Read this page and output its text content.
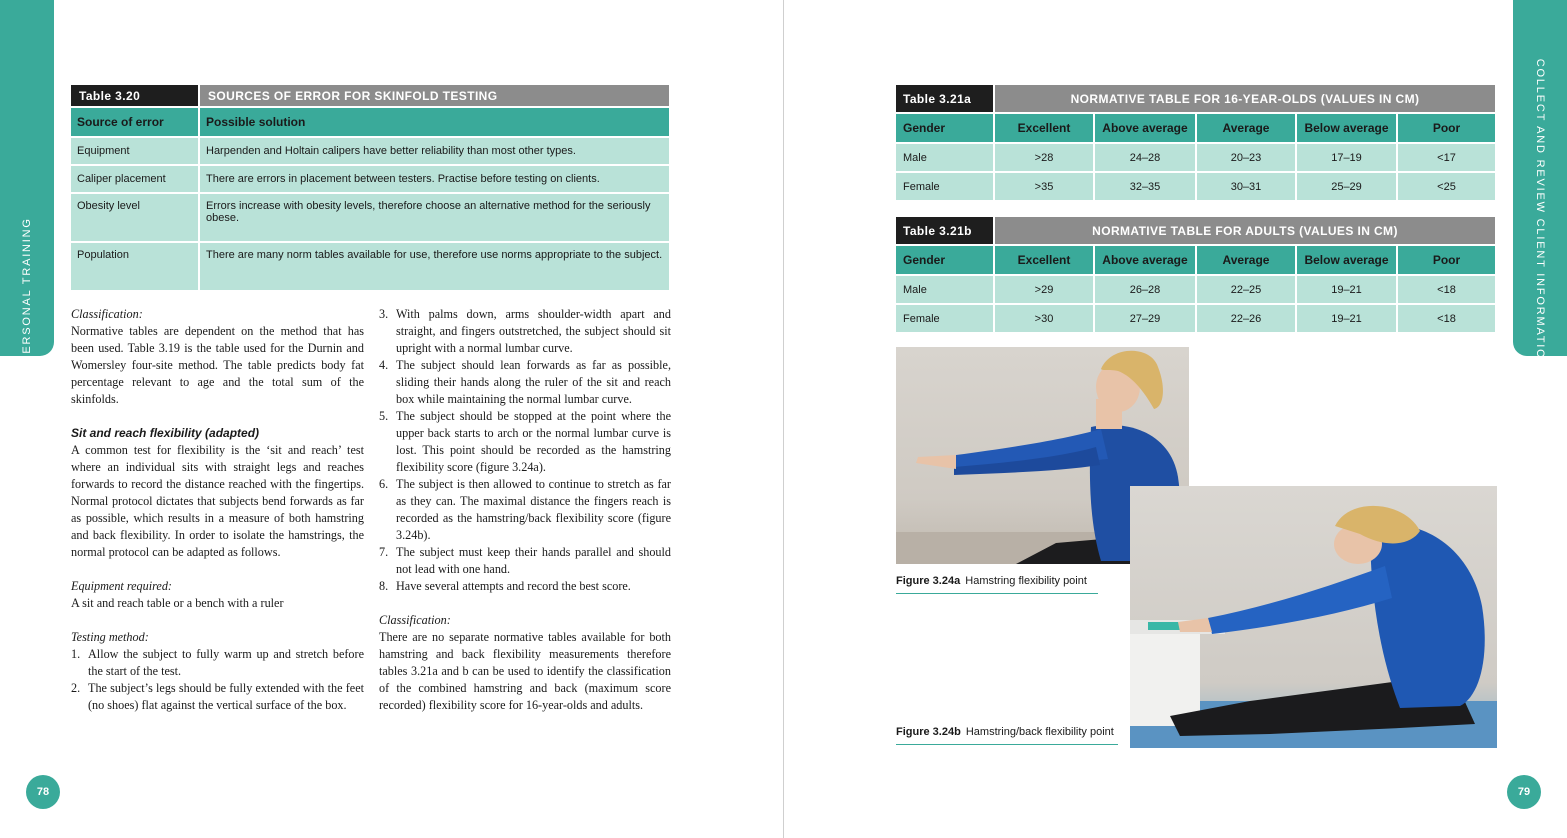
PERSONAL TRAINING	COLLECT AND REVIEW CLIENT INFORMATION
Table 3.20	SOURCES OF ERROR FOR SKINFOLD TESTING
Source of error	Possible solution
Equipment	Harpenden and Holtain calipers have better reliability than most other types.
Caliper placement	There are errors in placement between testers. Practise before testing on clients.
Obesity level	Errors increase with obesity levels, therefore choose an alternative method for the seriously obese.
Population	There are many norm tables available for use, therefore use norms appropriate to the subject.

Classification:

Normative tables are dependent on the method that has been used. Table 3.19 is the table used for the Durnin and Womersley four-site method. The table predicts body fat percentage relevant to age and the total sum of the skinfolds.

Sit and reach flexibility (adapted)

A common test for flexibility is the ‘sit and reach’ test where an individual sits with straight legs and reaches forwards to record the distance reached with the fingertips. Normal protocol dictates that subjects bend forwards as far as possible, which results in a measure of both hamstring and back flexibility. In order to isolate the hamstrings, the normal protocol can be adapted as follows.

Equipment required:

A sit and reach table or a bench with a ruler

Testing method:

1. Allow the subject to fully warm up and stretch before the start of the test.
2. The subject’s legs should be fully extended with the feet (no shoes) flat against the vertical surface of the box.
3. With palms down, arms shoulder-width apart and straight, and fingers outstretched, the subject should sit upright with a normal lumbar curve.
4. The subject should lean forwards as far as possible, sliding their hands along the ruler of the sit and reach box while maintaining the normal lumbar curve.
5. The subject should be stopped at the point where the upper back starts to arch or the normal lumbar curve is lost. This point should be recorded as the hamstring flexibility score (figure 3.24a).
6. The subject is then allowed to continue to stretch as far as they can. The maximal distance the fingers reach is recorded as the hamstring/back flexibility score (figure 3.24b).
7. The subject must keep their hands parallel and should not lead with one hand.
8. Have several attempts and record the best score.

Classification:

There are no separate normative tables available for both hamstring and back flexibility measurements therefore tables 3.21a and b can be used to identify the classification of the combined hamstring and back (maximum score recorded) flexibility score for 16-year-olds and adults.

Table 3.21a	NORMATIVE TABLE FOR 16-YEAR-OLDS (VALUES IN CM)				
Gender	Excellent	Above average	Average	Below average	Poor
Male	>28	24–28	20–23	17–19	<17
Female	>35	32–35	30–31	25–29	<25
Table 3.21b	NORMATIVE TABLE FOR ADULTS (VALUES IN CM)				
Gender	Excellent	Above average	Average	Below average	Poor
Male	>29	26–28	22–25	19–21	<18
Female	>30	27–29	22–26	19–21	<18
Figure 3.24a Hamstring flexibility point
Figure 3.24b Hamstring/back flexibility point
78	79
